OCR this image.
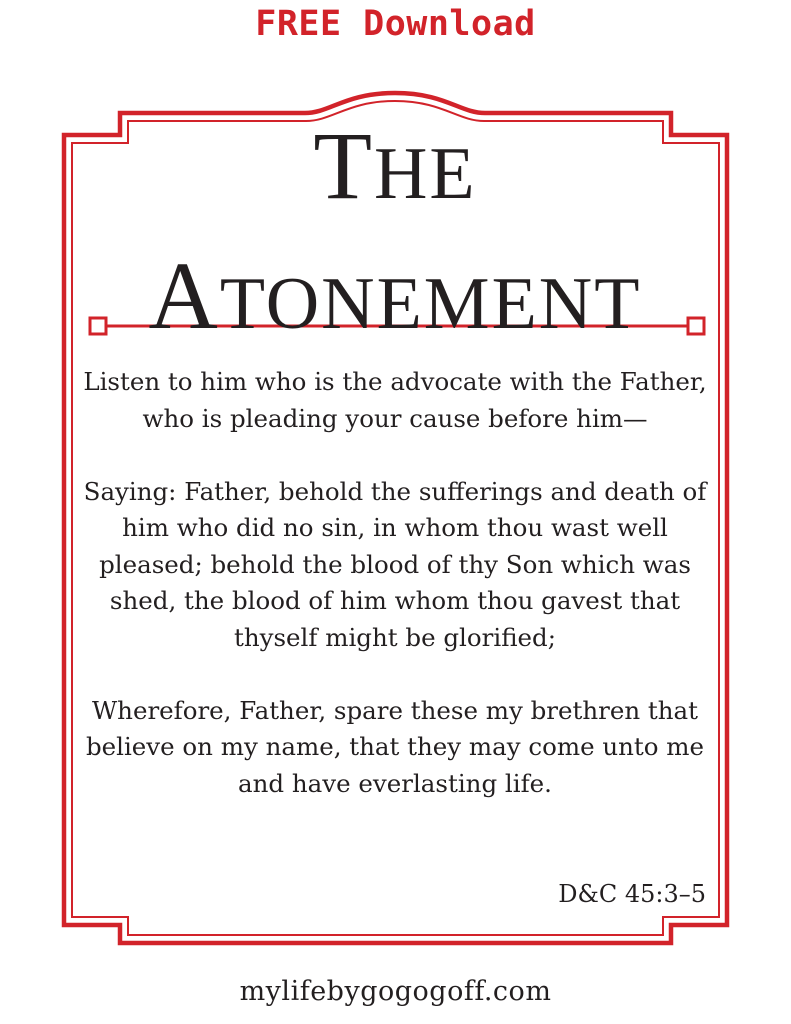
FREE Download
THE
ATONEMENT

Listen to him who is the advocate with the Father, who is pleading your cause before him—

Saying: Father, behold the sufferings and death of him who did no sin, in whom thou wast well pleased; behold the blood of thy Son which was shed, the blood of him whom thou gavest that thyself might be glorified;

Wherefore, Father, spare these my brethren that believe on my name, that they may come unto me and have everlasting life.

D&C 45:3–5
mylifebygogogoff.com
